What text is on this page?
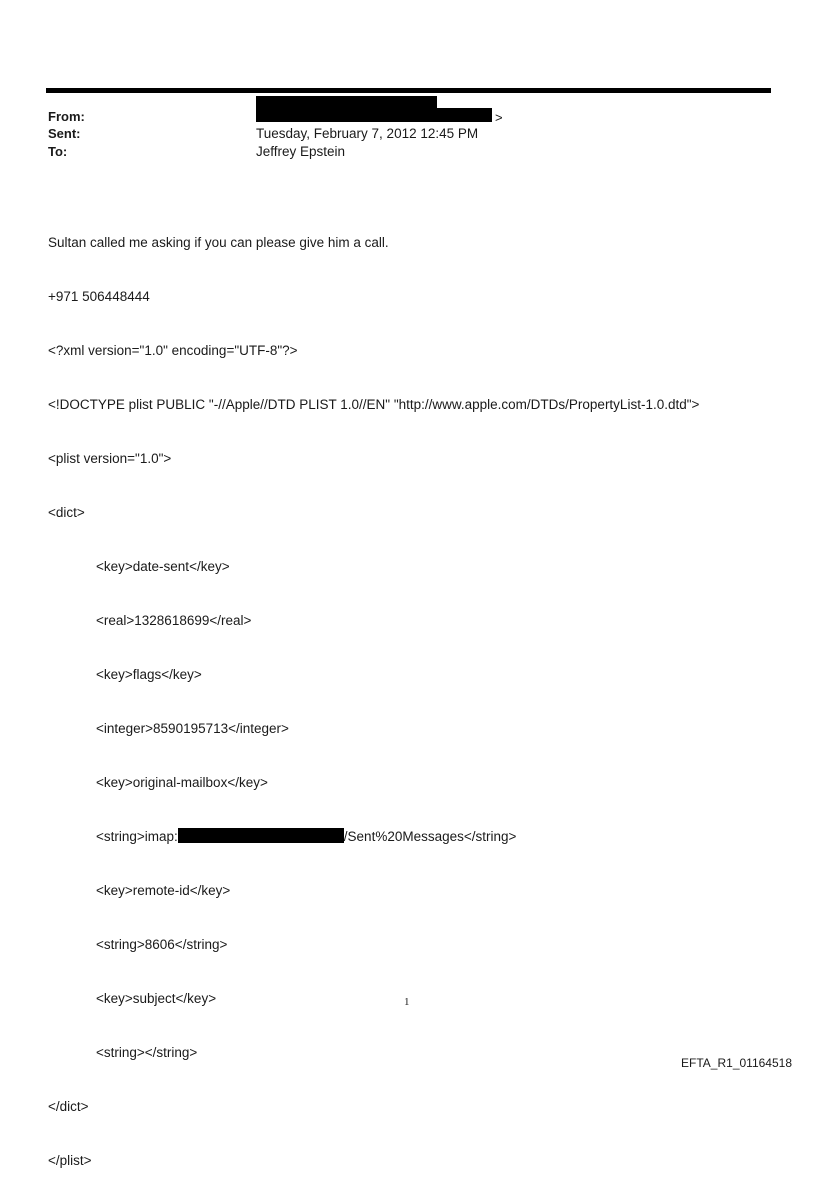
From:	>
Sent:	Tuesday, February 7, 2012 12:45 PM
To:	Jeffrey Epstein

Sultan called me asking if you can please give him a call.

+971 506448444

<?xml version="1.0" encoding="UTF-8"?>

<!DOCTYPE plist PUBLIC "-//Apple//DTD PLIST 1.0//EN" "http://www.apple.com/DTDs/PropertyList-1.0.dtd">

<plist version="1.0">

<dict>

<key>date-sent</key>

<real>1328618699</real>

<key>flags</key>

<integer>8590195713</integer>

<key>original-mailbox</key>

<string>imap:	/Sent%20Messages</string>

<key>remote-id</key>

<string>8606</string>

<key>subject</key>

<string></string>

</dict>

</plist>

1
EFTA_R1_01164518
